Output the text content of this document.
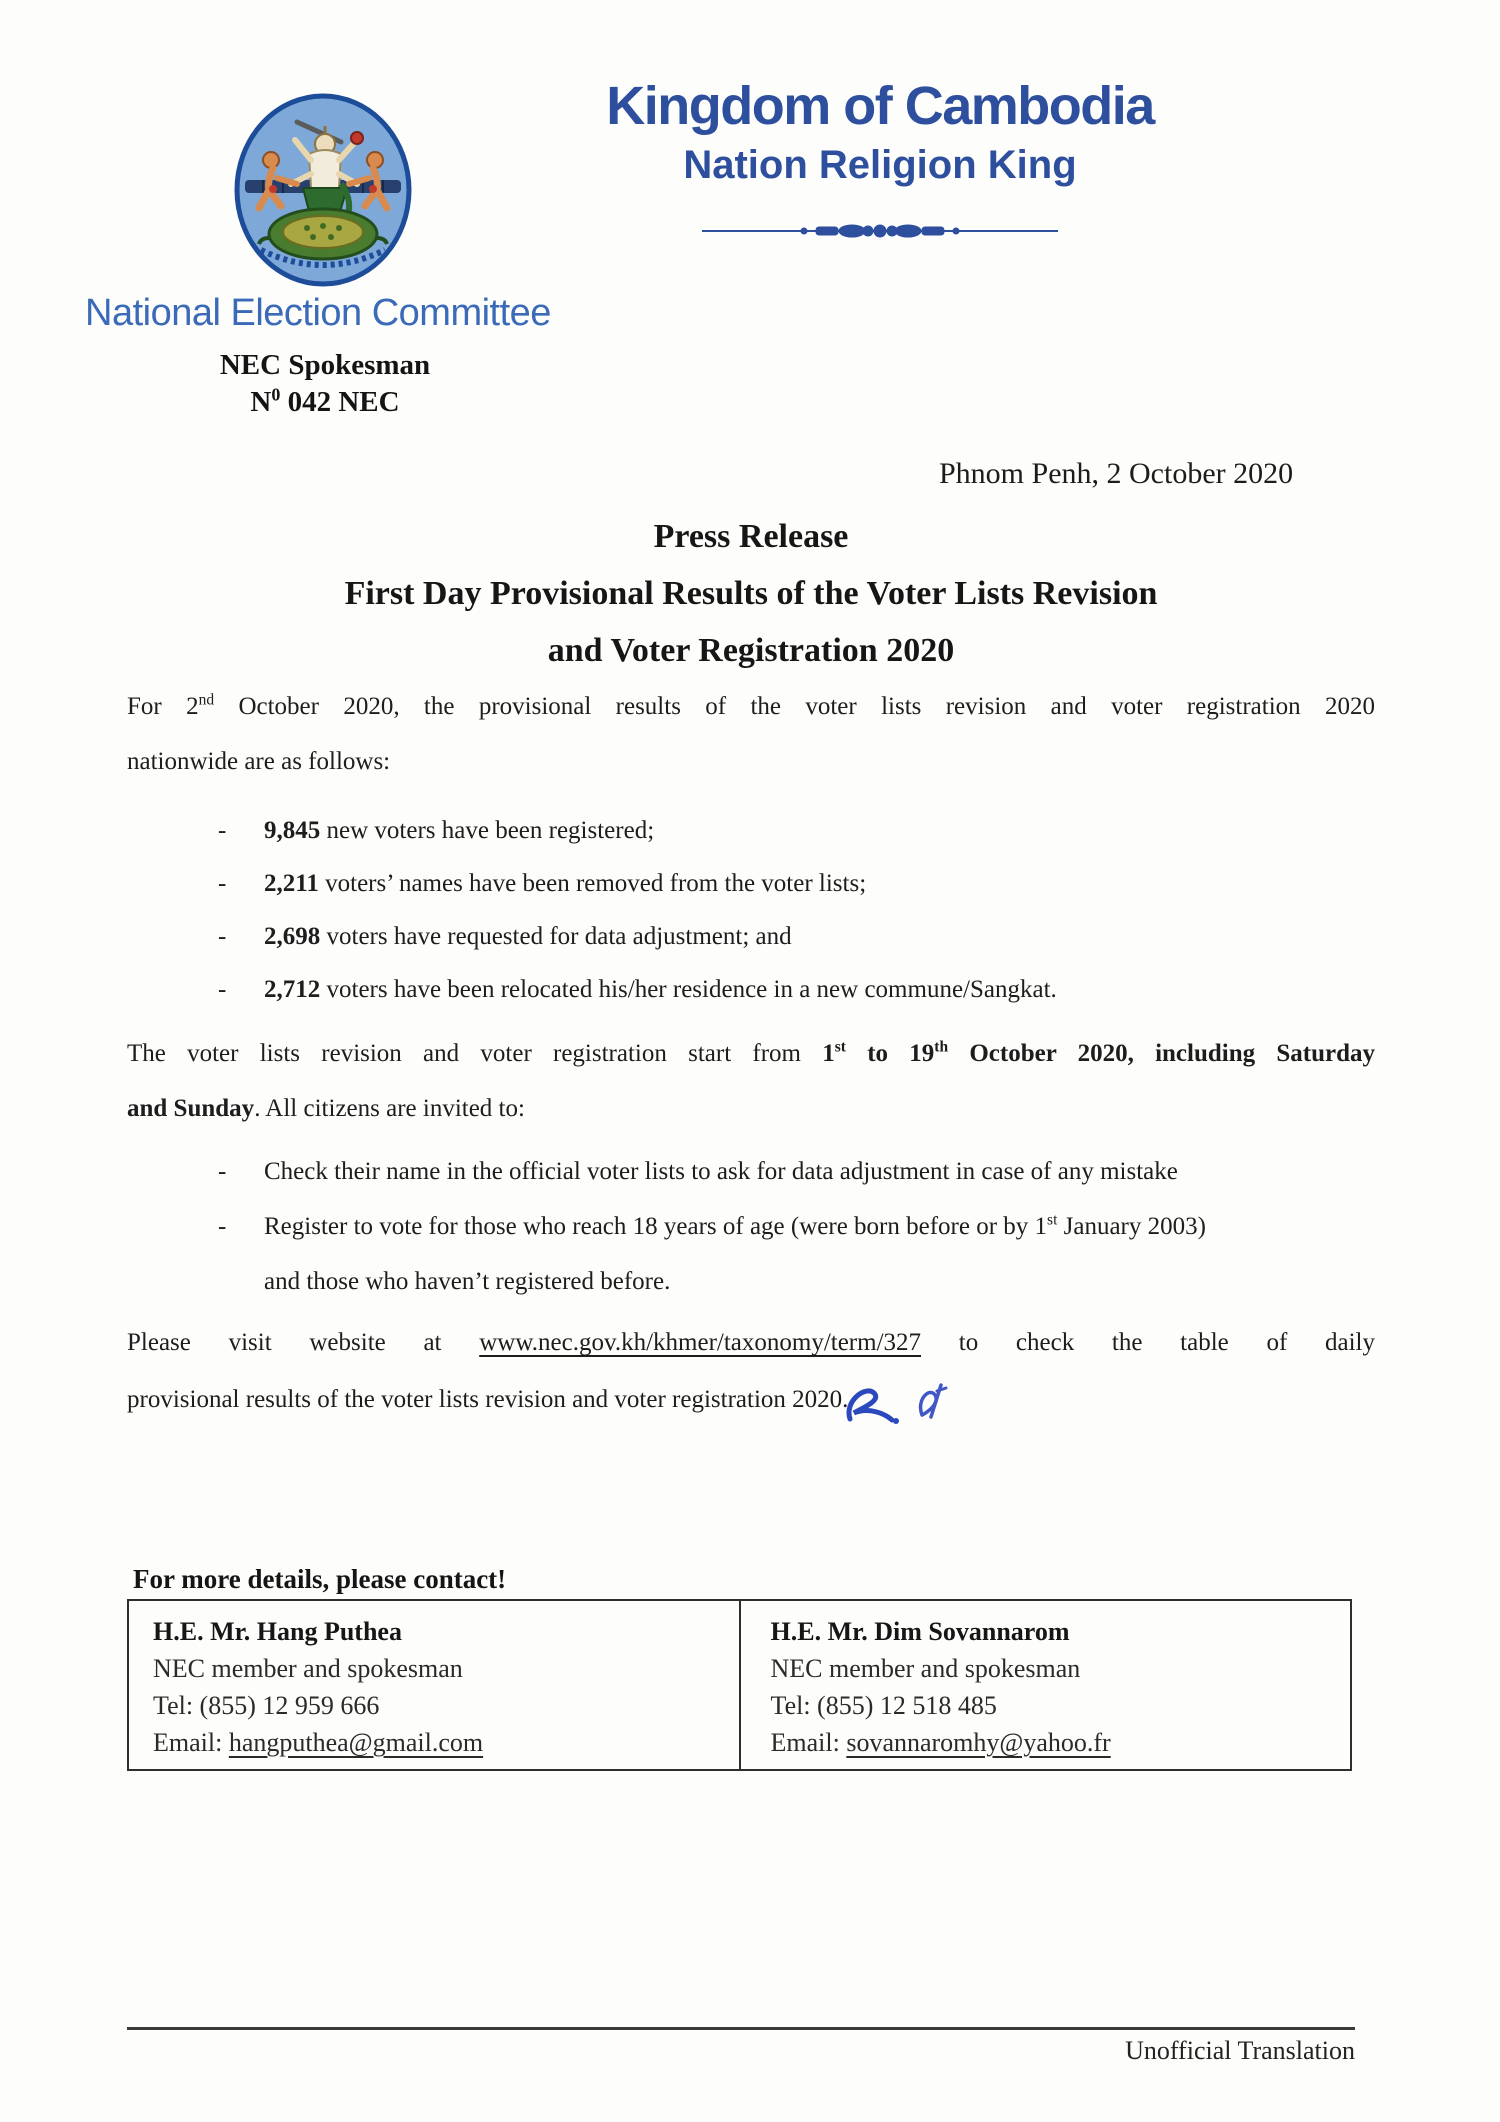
Kingdom of Cambodia
Nation Religion King
National Election Committee
NEC Spokesman
$N^0$ 042 NEC
Phnom Penh, 2 October 2020
Press Release
First Day Provisional Results of the Voter Lists Revision
and Voter Registration 2020
For 2nd October 2020, the provisional results of the voter lists revision and voter registration 2020
nationwide are as follows:
-	9,845 new voters have been registered;
-	2,211 voters’ names have been removed from the voter lists;
-	2,698 voters have requested for data adjustment; and
-	2,712 voters have been relocated his/her residence in a new commune/Sangkat.
The voter lists revision and voter registration start from 1st to 19th October 2020, including Saturday
and Sunday. All citizens are invited to:
-	Check their name in the official voter lists to ask for data adjustment in case of any mistake
-	Register to vote for those who reach 18 years of age (were born before or by 1st January 2003)
and those who haven’t registered before.
Please visit website at www.nec.gov.kh/khmer/taxonomy/term/327 to check the table of daily
provisional results of the voter lists revision and voter registration 2020.
For more details, please contact!
H.E. Mr. Hang Puthea
NEC member and spokesman
Tel: (855) 12 959 666
Email: hangputhea@gmail.com

H.E. Mr. Dim Sovannarom
NEC member and spokesman
Tel: (855) 12 518 485
Email: sovannaromhy@yahoo.fr
Unofficial Translation
